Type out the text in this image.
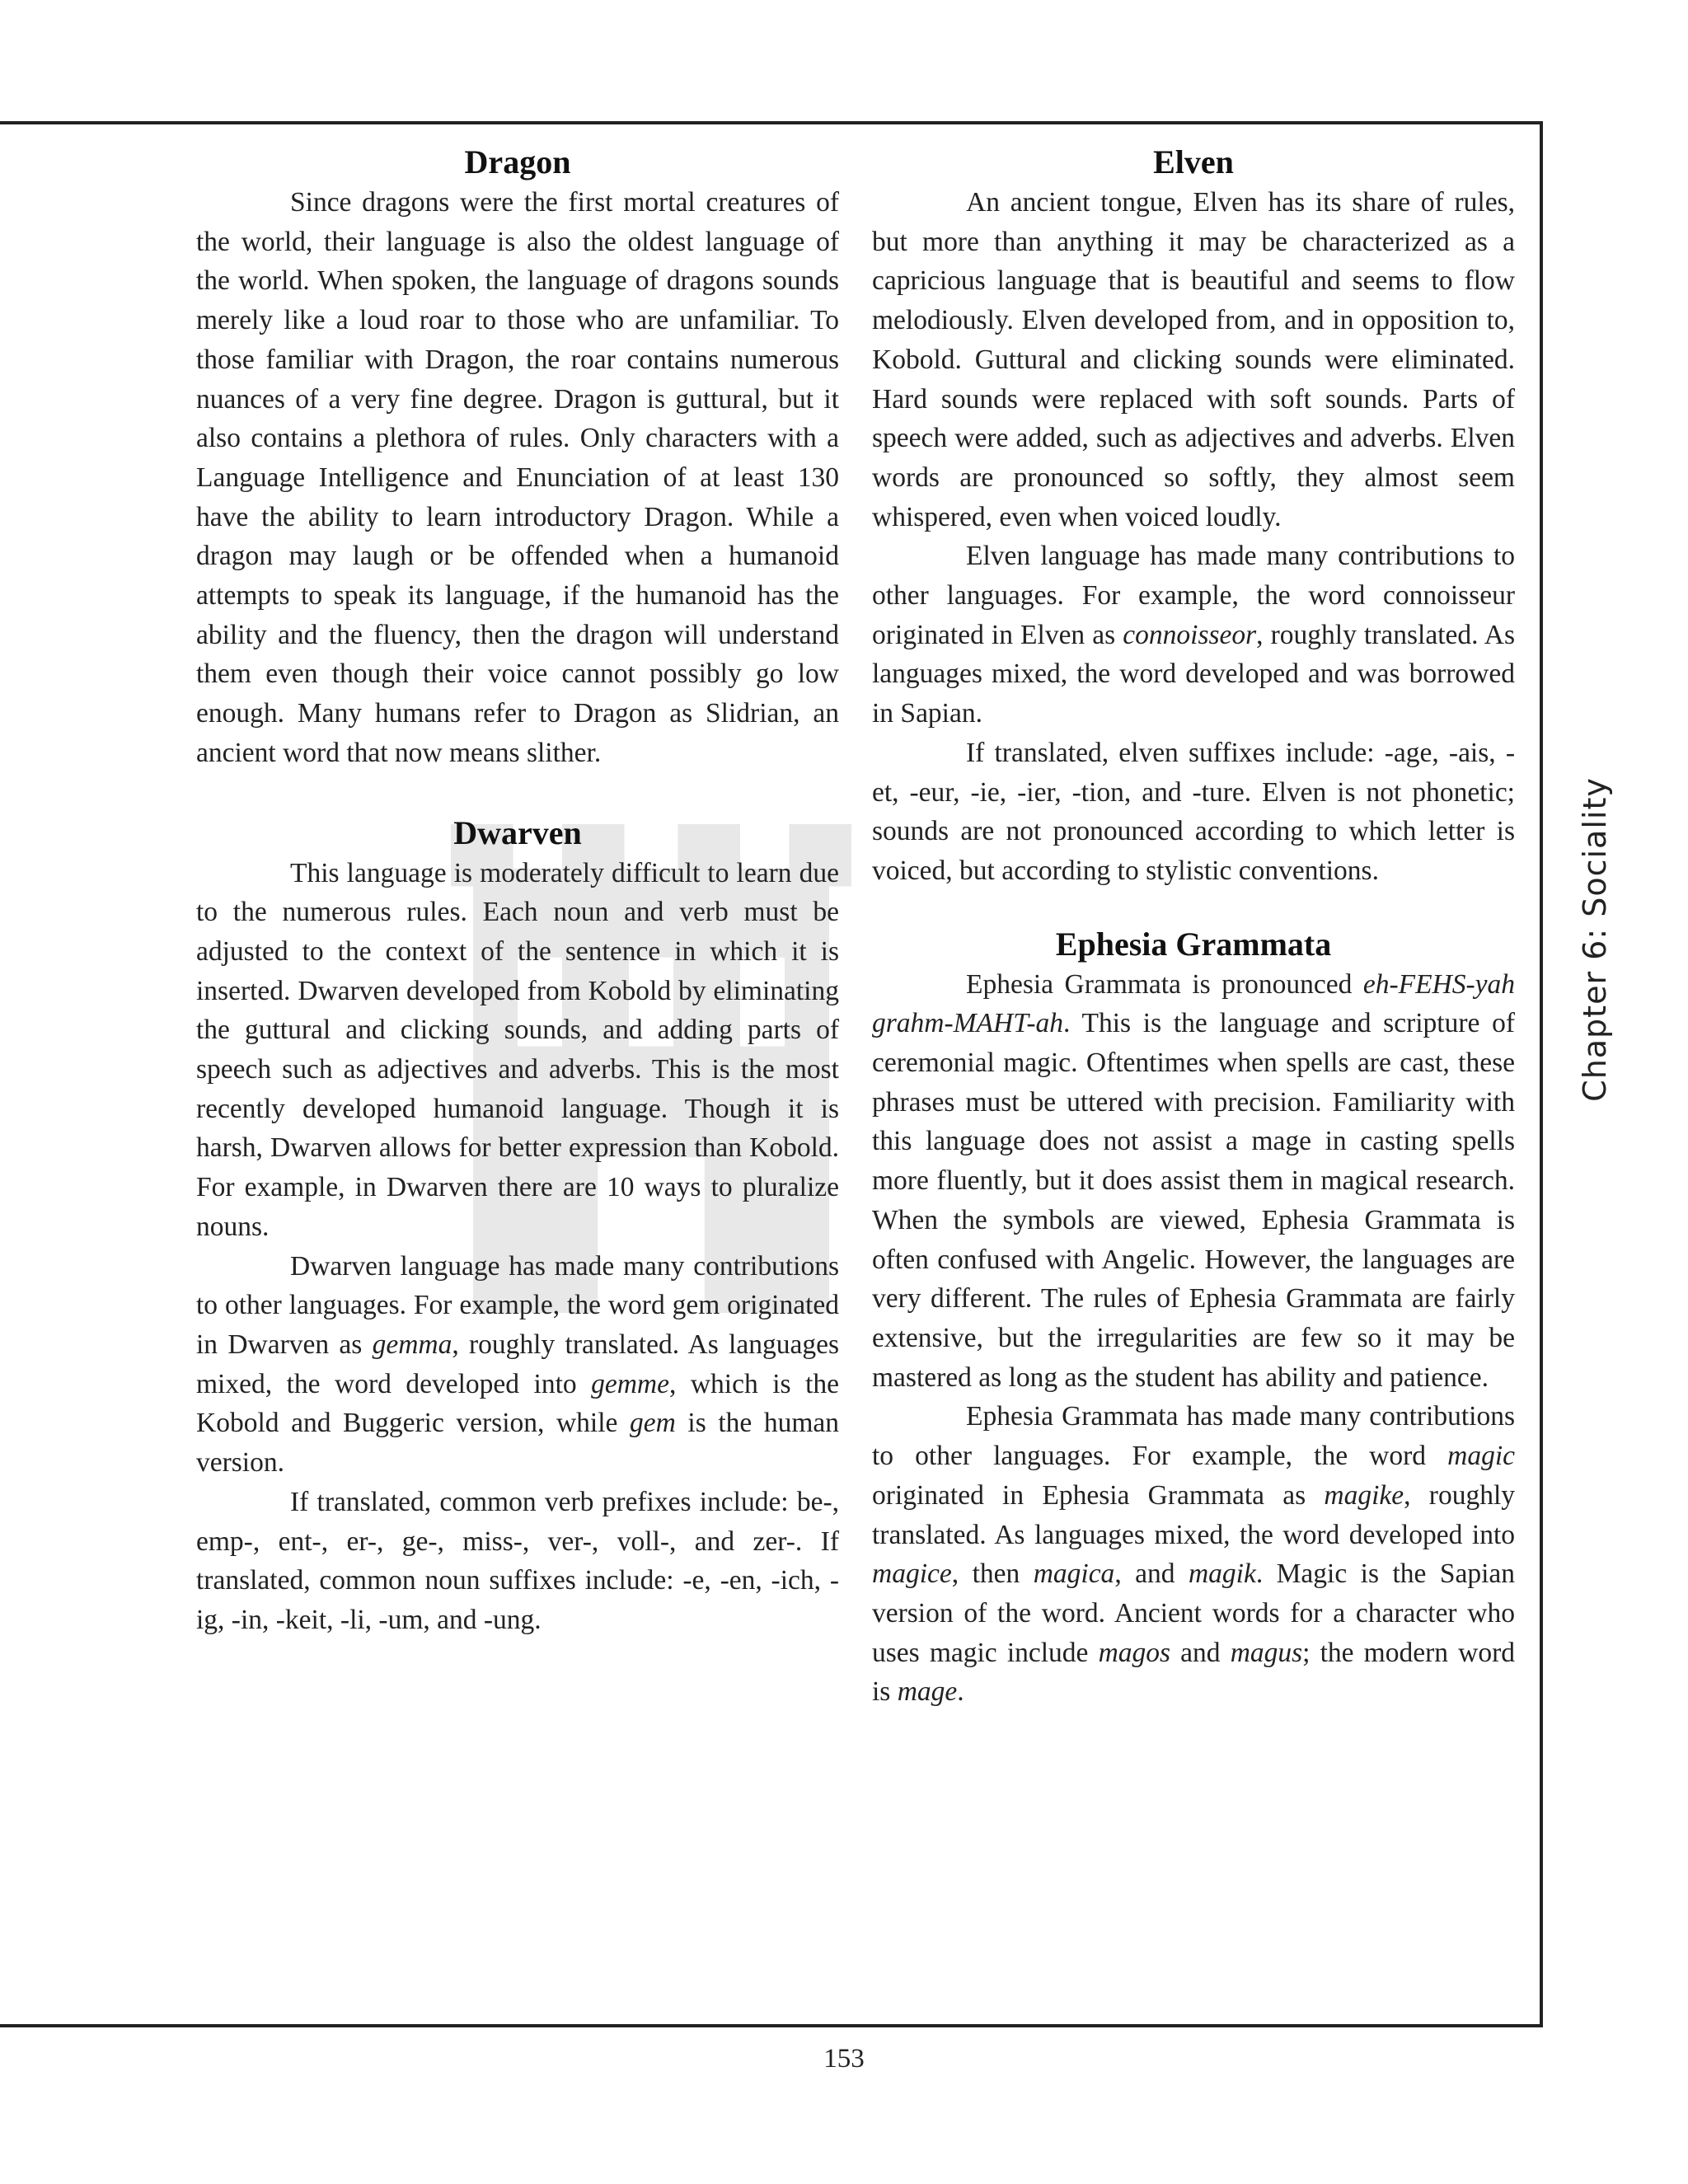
Dragon

Since dragons were the first mortal creatures of the world, their language is also the oldest language of the world. When spoken, the language of dragons sounds merely like a loud roar to those who are unfamiliar. To those familiar with Dragon, the roar contains numerous nuances of a very fine degree. Dragon is guttural, but it also contains a plethora of rules. Only characters with a Language Intelligence and Enunciation of at least 130 have the ability to learn introductory Dragon. While a dragon may laugh or be offended when a humanoid attempts to speak its language, if the humanoid has the ability and the fluency, then the dragon will understand them even though their voice cannot possibly go low enough. Many humans refer to Dragon as Slidrian, an ancient word that now means slither.

Dwarven

This language is moderately difficult to learn due to the numerous rules. Each noun and verb must be adjusted to the context of the sentence in which it is inserted. Dwarven developed from Kobold by eliminating the guttural and clicking sounds, and adding parts of speech such as adjectives and adverbs. This is the most recently developed humanoid language. Though it is harsh, Dwarven allows for better expression than Kobold. For example, in Dwarven there are 10 ways to pluralize nouns.

Dwarven language has made many contributions to other languages. For example, the word gem originated in Dwarven as gemma, roughly translated. As languages mixed, the word developed into gemme, which is the Kobold and Buggeric version, while gem is the human version.

If translated, common verb prefixes include: be-, emp-, ent-, er-, ge-, miss-, ver-, voll-, and zer-. If translated, common noun suffixes include: -e, -en, -ich, -ig, -in, -keit, -li, -um, and -ung.

Elven

An ancient tongue, Elven has its share of rules, but more than anything it may be characterized as a capricious language that is beautiful and seems to flow melodiously. Elven developed from, and in opposition to, Kobold. Guttural and clicking sounds were eliminated. Hard sounds were replaced with soft sounds. Parts of speech were added, such as adjectives and adverbs. Elven words are pronounced so softly, they almost seem whispered, even when voiced loudly.

Elven language has made many contributions to other languages. For example, the word connoisseur originated in Elven as connoisseor, roughly translated. As languages mixed, the word developed and was borrowed in Sapian.

If translated, elven suffixes include: -age, -ais, -et, -eur, -ie, -ier, -tion, and -ture. Elven is not phonetic; sounds are not pronounced according to which letter is voiced, but according to stylistic conventions.

Ephesia Grammata

Ephesia Grammata is pronounced eh-FEHS-yah grahm-MAHT-ah. This is the language and scripture of ceremonial magic. Oftentimes when spells are cast, these phrases must be uttered with precision. Familiarity with this language does not assist a mage in casting spells more fluently, but it does assist them in magical research. When the symbols are viewed, Ephesia Grammata is often confused with Angelic. However, the languages are very different. The rules of Ephesia Grammata are fairly extensive, but the irregularities are few so it may be mastered as long as the student has ability and patience.

Ephesia Grammata has made many contributions to other languages. For example, the word magic originated in Ephesia Grammata as magike, roughly translated. As languages mixed, the word developed into magice, then magica, and magik. Magic is the Sapian version of the word. Ancient words for a character who uses magic include magos and magus; the modern word is mage.

Chapter 6: Sociality
153
